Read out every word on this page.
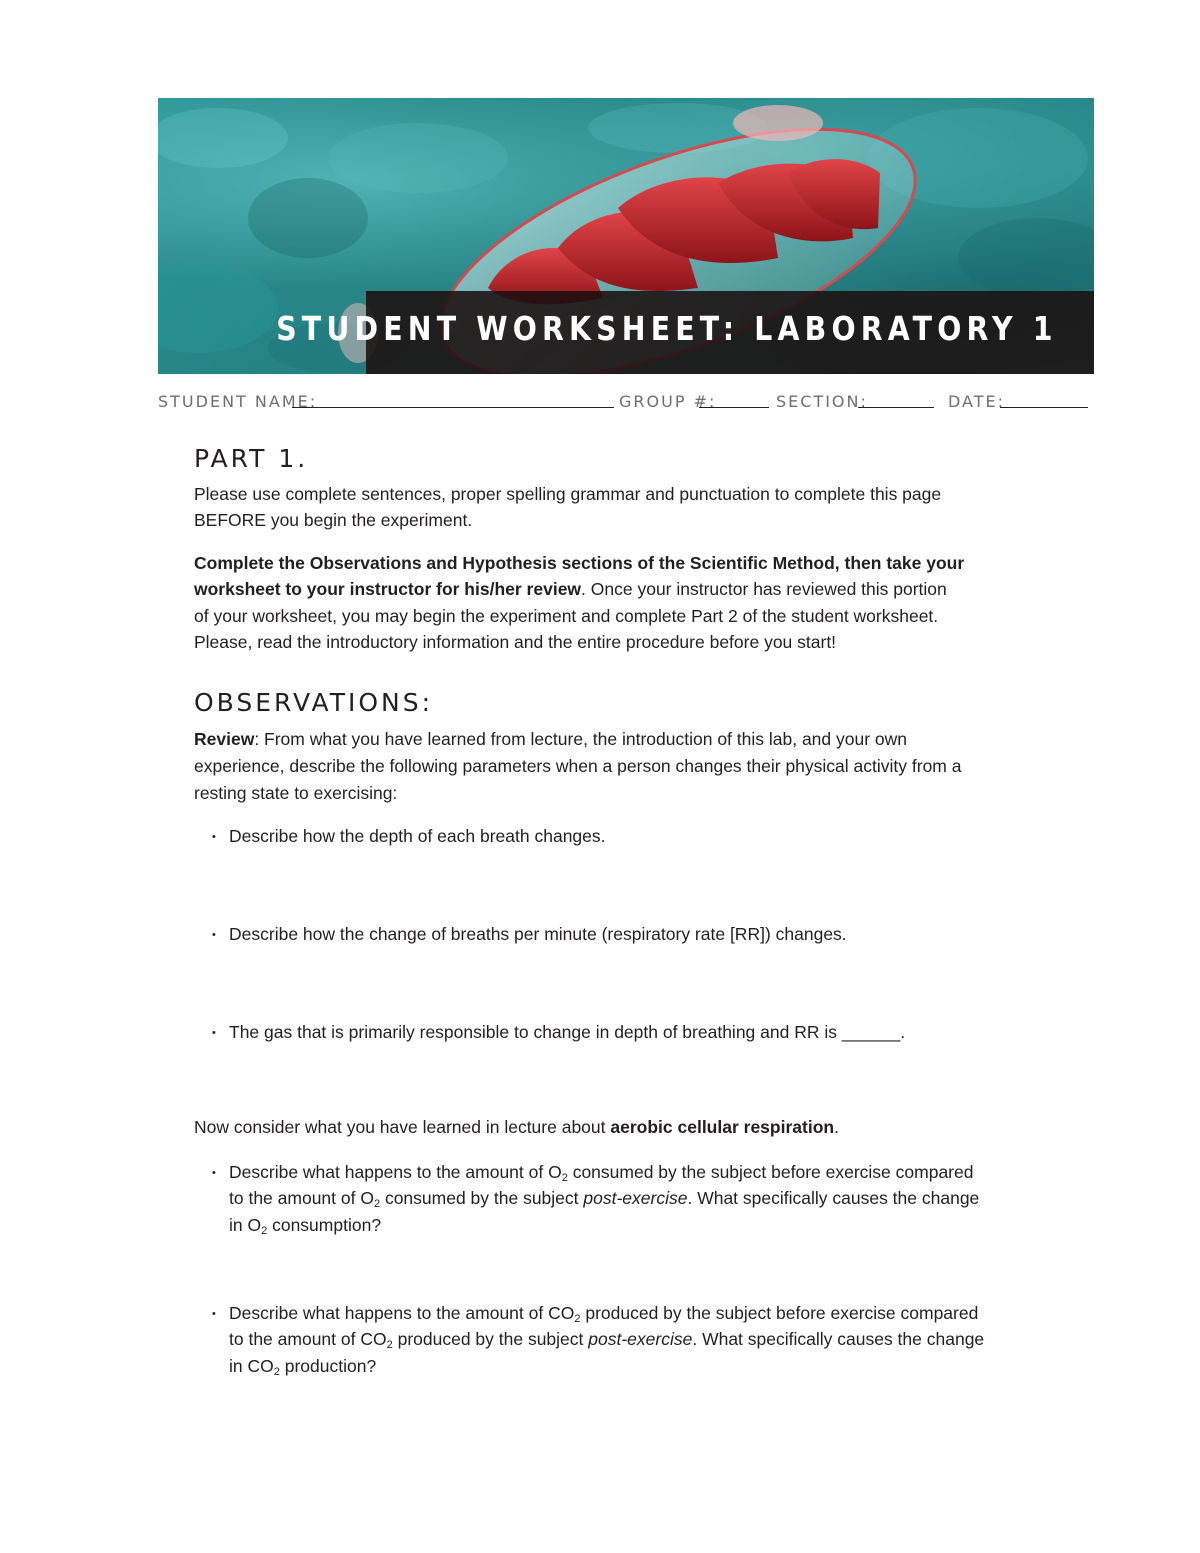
STUDENT WORKSHEET: LABORATORY 1
STUDENT NAME:	GROUP #:	SECTION:	DATE:
PART 1.

Please use complete sentences, proper spelling grammar and punctuation to complete this page

BEFORE you begin the experiment.

Complete the Observations and Hypothesis sections of the Scientific Method, then take your

worksheet to your instructor for his/her review. Once your instructor has reviewed this portion

of your worksheet, you may begin the experiment and complete Part 2 of the student worksheet.

Please, read the introductory information and the entire procedure before you start!

OBSERVATIONS:

Review: From what you have learned from lecture, the introduction of this lab, and your own

experience, describe the following parameters when a person changes their physical activity from a

resting state to exercising:

• Describe how the depth of each breath changes.

• Describe how the change of breaths per minute (respiratory rate [RR]) changes.

• The gas that is primarily responsible to change in depth of breathing and RR is ______.

Now consider what you have learned in lecture about aerobic cellular respiration.

• Describe what happens to the amount of $O_2$ consumed by the subject before exercise compared

to the amount of $O_2$ consumed by the subject post-exercise. What specifically causes the change

in $O_2$ consumption?

• Describe what happens to the amount of $CO_2$ produced by the subject before exercise compared

to the amount of $CO_2$ produced by the subject post-exercise. What specifically causes the change

in $CO_2$ production?
